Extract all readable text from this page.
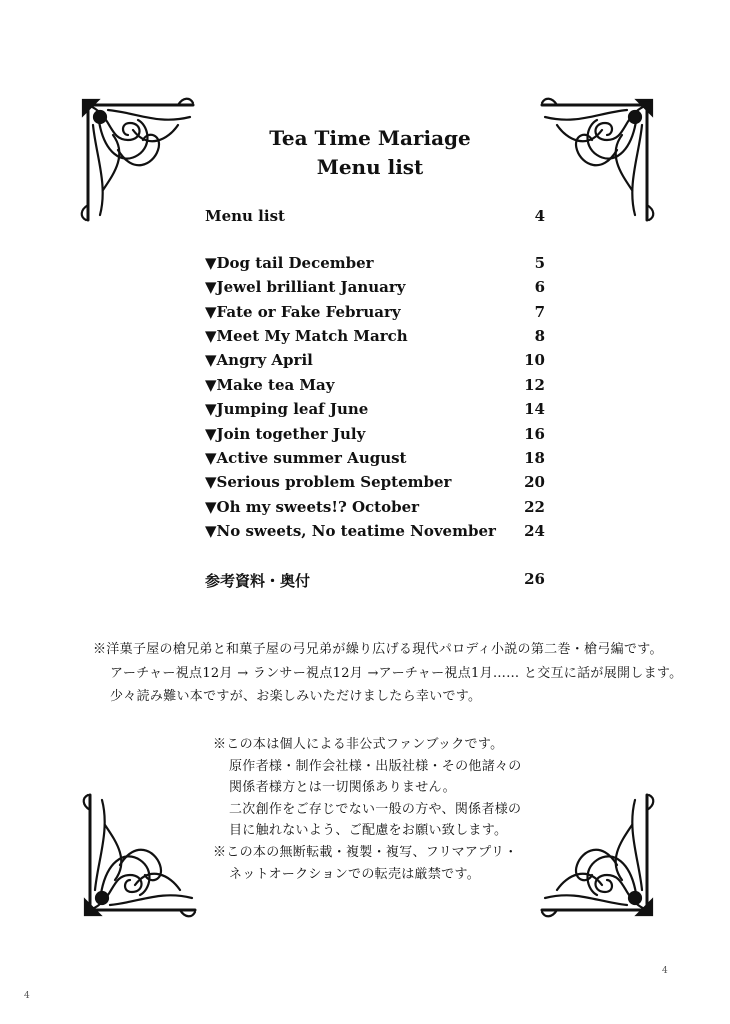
Tea Time Mariage
Menu list
Menu list	4
▼Dog tail December	5
▼Jewel brilliant January	6
▼Fate or Fake February	7
▼Meet My Match March	8
▼Angry April	10
▼Make tea May	12
▼Jumping leaf June	14
▼Join together July	16
▼Active summer August	18
▼Serious problem September	20
▼Oh my sweets!? October	22
▼No sweets, No teatime November 24
参考資料・奥付	26
※洋菓子屋の槍兄弟と和菓子屋の弓兄弟が繰り広げる現代パロディ小説の第二巻・槍弓編です。
アーチャー視点12月 → ランサー視点12月 →アーチャー視点1月…… と交互に話が展開します。
少々読み難い本ですが、お楽しみいただけましたら幸いです。
※この本は個人による非公式ファンブックです。
原作者様・制作会社様・出版社様・その他諸々の
関係者様方とは一切関係ありません。
二次創作をご存じでない一般の方や、関係者様の
目に触れないよう、ご配慮をお願い致します。
※この本の無断転載・複製・複写、フリマアプリ・
ネットオークションでの転売は厳禁です。
4
4
